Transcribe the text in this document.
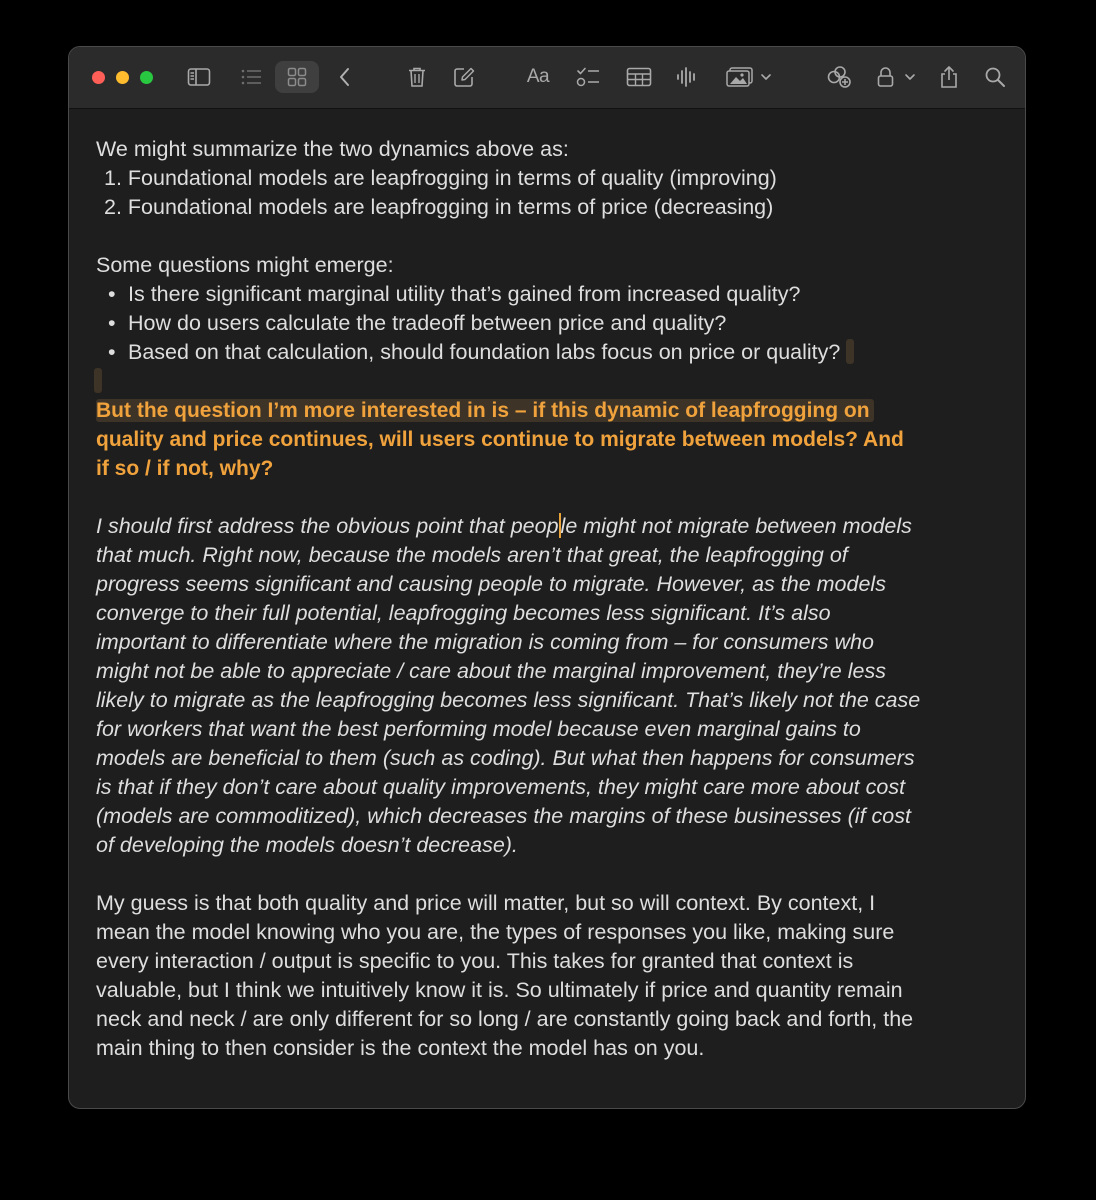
Aa
We might summarize the two dynamics above as:
1. Foundational models are leapfrogging in terms of quality (improving)
2. Foundational models are leapfrogging in terms of price (decreasing)
Some questions might emerge:
• Is there significant marginal utility that’s gained from increased quality?
• How do users calculate the tradeoff between price and quality?
• Based on that calculation, should foundation labs focus on price or quality?
But the question I’m more interested in is – if this dynamic of leapfrogging on
quality and price continues, will users continue to migrate between models? And
if so / if not, why?
I should first address the obvious point that people might not migrate between models
that much. Right now, because the models aren’t that great, the leapfrogging of
progress seems significant and causing people to migrate. However, as the models
converge to their full potential, leapfrogging becomes less significant. It’s also
important to differentiate where the migration is coming from – for consumers who
might not be able to appreciate / care about the marginal improvement, they’re less
likely to migrate as the leapfrogging becomes less significant. That’s likely not the case
for workers that want the best performing model because even marginal gains to
models are beneficial to them (such as coding). But what then happens for consumers
is that if they don’t care about quality improvements, they might care more about cost
(models are commoditized), which decreases the margins of these businesses (if cost
of developing the models doesn’t decrease).
My guess is that both quality and price will matter, but so will context. By context, I
mean the model knowing who you are, the types of responses you like, making sure
every interaction / output is specific to you. This takes for granted that context is
valuable, but I think we intuitively know it is. So ultimately if price and quantity remain
neck and neck / are only different for so long / are constantly going back and forth, the
main thing to then consider is the context the model has on you.
